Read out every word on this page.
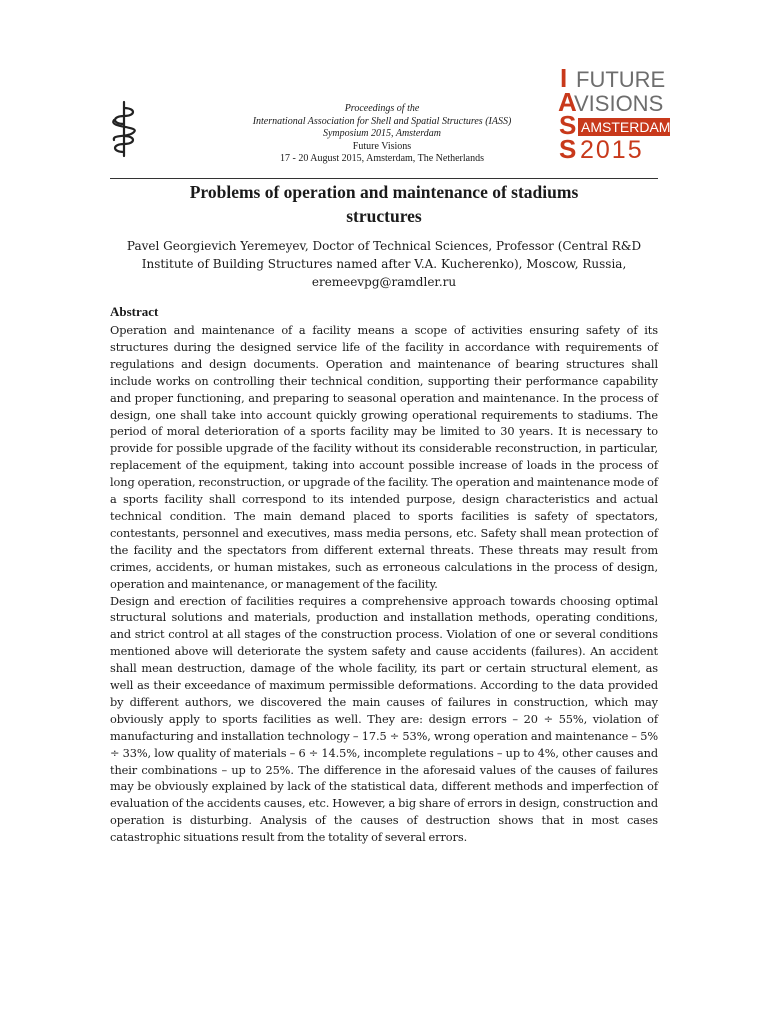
Proceedings of the
International Association for Shell and Spatial Structures (IASS)
Symposium 2015, Amsterdam
Future Visions
17 - 20 August 2015, Amsterdam, The Netherlands
I
A
S
S
FUTURE
VISIONS
AMSTERDAM
2015
Problems of operation and maintenance of stadiums
structures
Pavel Georgievich Yeremeyev, Doctor of Technical Sciences, Professor (Central R&D
Institute of Building Structures named after V.A. Kucherenko), Moscow, Russia,
eremeevpg@ramdler.ru
Abstract

Operation and maintenance of a facility means a scope of activities ensuring safety of its structures during the designed service life of the facility in accordance with requirements of regulations and design documents. Operation and maintenance of bearing structures shall include works on controlling their technical condition, supporting their performance capability and proper functioning, and preparing to seasonal operation and maintenance. In the process of design, one shall take into account quickly growing operational requirements to stadiums. The period of moral deterioration of a sports facility may be limited to 30 years. It is necessary to provide for possible upgrade of the facility without its considerable reconstruction, in particular, replacement of the equipment, taking into account possible increase of loads in the process of long operation, reconstruction, or upgrade of the facility. The operation and maintenance mode of a sports facility shall correspond to its intended purpose, design characteristics and actual technical condition. The main demand placed to sports facilities is safety of spectators, contestants, personnel and executives, mass media persons, etc. Safety shall mean protection of the facility and the spectators from different external threats. These threats may result from crimes, accidents, or human mistakes, such as erroneous calculations in the process of design, operation and maintenance, or management of the facility.

Design and erection of facilities requires a comprehensive approach towards choosing optimal structural solutions and materials, production and installation methods, operating conditions, and strict control at all stages of the construction process. Violation of one or several conditions mentioned above will deteriorate the system safety and cause accidents (failures). An accident shall mean destruction, damage of the whole facility, its part or certain structural element, as well as their exceedance of maximum permissible deformations. According to the data provided by different authors, we discovered the main causes of failures in construction, which may obviously apply to sports facilities as well. They are: design errors – 20 ÷ 55%, violation of manufacturing and installation technology – 17.5 ÷ 53%, wrong operation and maintenance – 5% ÷ 33%, low quality of materials – 6 ÷ 14.5%, incomplete regulations – up to 4%, other causes and their combinations – up to 25%. The difference in the aforesaid values of the causes of failures may be obviously explained by lack of the statistical data, different methods and imperfection of evaluation of the accidents causes, etc. However, a big share of errors in design, construction and operation is disturbing. Analysis of the causes of destruction shows that in most cases catastrophic situations result from the totality of several errors.
